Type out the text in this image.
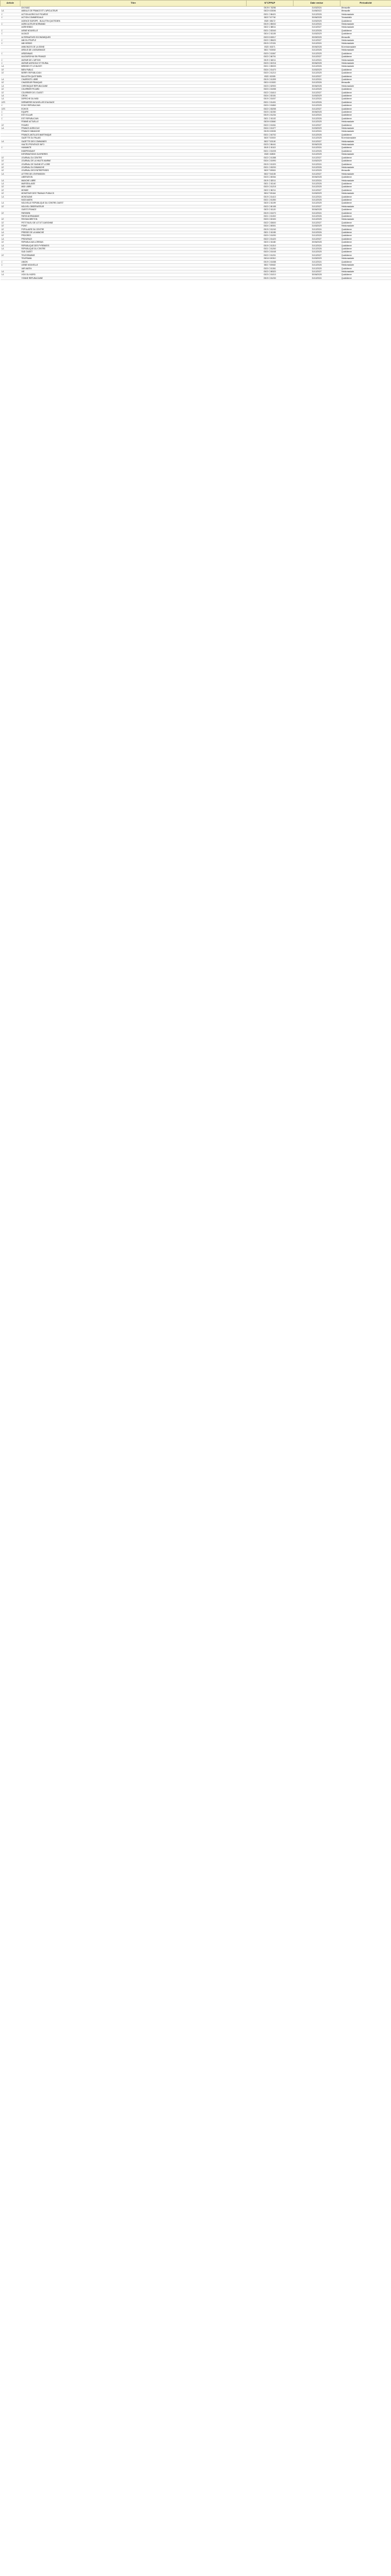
Article	Titre	N°CPPAP	Date emise	Périodicité
	4X4 MAG	0519 K 78256	31/03/2024	Mensuelle
LA	ABEILLE DE FRANCE ET L'APICULTEUR	0522 K 83006	31/05/2022	Mensuelle
L'	ACTION AGRICOLE PICARDE	0521 C 86421	31/12/2026	Hebdomadaire
L'	ACTION COMMERCIALE	0523 T 87740	30/06/2028	Trimestrielle
	AGENCE EUROPE - BULLETIN QUOTIDIEN	0520 I 88172	31/03/2025	Quotidienne
L'	AGRICULTEUR NORMAND	0519 C 85002	31/12/2024	Hebdomadaire
	AGRIHEBDO	0522 C 88011	31/10/2027	Hebdomadaire
L'	AISNE NOUVELLE	0521 C 83340	31/12/2026	Quotidienne
L'	ALSACE	0524 C 81105	31/03/2029	Quotidienne
	ALTERNATIVES ECONOMIQUES	0520 D 83017	30/09/2025	Mensuelle
L'	AMI DU PEUPLE	0522 C 85620	31/12/2027	Hebdomadaire
L'	AMI HEBDO	0519 C 87431	31/12/2024	Hebdomadaire
	ANNONCES DE LA SEINE	0523 I 80271	30/06/2028	Bi-hebdomadaire
	ARGUS DE L'ASSURANCE	0521 T 83002	31/12/2026	Hebdomadaire
L'	ARDENNAIS	0520 C 81567	31/12/2025	Quotidienne
	AUJOURD'HUI EN FRANCE	0522 C 86701	31/12/2027	Quotidienne
L'	AVENIR DE L'ARTOIS	0519 C 84011	31/12/2024	Hebdomadaire
L'	AVENIR AGRICOLE ET RURAL	0523 C 82216	30/06/2028	Hebdomadaire
LA	BRESSE ET LE BUGEY	0521 C 85003	31/12/2026	Hebdomadaire
LE	BIEN PUBLIC	0524 C 81470	31/03/2029	Quotidienne
LE	BERRY REPUBLICAIN	0520 C 81210	31/12/2025	Quotidienne
	BULLETIN QUOTIDIEN	0522 I 82155	31/12/2027	Quotidienne
LA	CHARENTE LIBRE	0519 C 81399	31/12/2024	Quotidienne
LE	CHASSEUR FRANÇAIS	0521 K 81520	31/12/2026	Mensuelle
LA	CHRONIQUE REPUBLICAINE	0523 C 82900	30/06/2028	Hebdomadaire
LE	COURRIER PICARD	0520 C 81055	31/12/2025	Quotidienne
LE	COURRIER DE L'OUEST	0522 C 81610	31/12/2027	Quotidienne
LA	CROIX	0524 C 83151	31/03/2029	Quotidienne
LA	DEPECHE DU MIDI	0519 C 81007	31/12/2024	Quotidienne
LES	DERNIERES NOUVELLES D'ALSACE	0521 C 81401	31/12/2026	Quotidienne
L'	ECHO REPUBLICAIN	0520 C 81860	31/12/2025	Quotidienne
LES	ECHOS	0522 C 83255	31/12/2027	Quotidienne
L'	EQUIPE	0523 C 82280	30/06/2028	Quotidienne
L'	EST ECLAIR	0519 C 81234	31/12/2024	Quotidienne
L'	EST REPUBLICAIN	0521 C 81102	31/12/2026	Quotidienne
	FEMME ACTUELLE	0520 K 83660	31/12/2025	Hebdomadaire
LE	FIGARO	0522 C 81061	31/12/2027	Quotidienne
LA	FRANCE AGRICOLE	0524 C 81377	31/03/2029	Hebdomadaire
	FRANCE DIMANCHE	0519 K 83005	31/12/2024	Hebdomadaire
	FRANCE-ANTILLES MARTINIQUE	0521 C 84702	31/12/2026	Quotidienne
	GAZETTE DU PALAIS	0520 T 83019	31/12/2025	Bi-hebdomadaire
LA	GAZETTE DES COMMUNES	0522 T 83100	31/12/2027	Hebdomadaire
	HAUTE-PROVENCE INFO	0523 C 86441	30/06/2028	Hebdomadaire
L'	HUMANITE	0519 C 81113	31/12/2024	Quotidienne
	INDEPENDANT	0521 C 81005	31/12/2026	Quotidienne
	INFORMATIONS OUVRIERES	0520 I 82830	31/12/2025	Hebdomadaire
LE	JOURNAL DU CENTRE	0522 C 81388	31/12/2027	Quotidienne
LE	JOURNAL DE LA HAUTE-MARNE	0524 C 81990	31/03/2029	Quotidienne
LE	JOURNAL DE SAONE-ET-LOIRE	0519 C 81320	31/12/2024	Quotidienne
LE	JOURNAL DU DIMANCHE	0521 C 83200	31/12/2026	Hebdomadaire
LE	JOURNAL DES ENTREPRISES	0520 T 85515	31/12/2025	Mensuelle
LA	LETTRE DE L'EXPANSION	0522 T 84105	31/12/2027	Hebdomadaire
	LIBERATION	0523 C 80064	30/06/2028	Quotidienne
LA	MANCHE LIBRE	0519 C 82011	31/12/2024	Hebdomadaire
LA	MARSEILLAISE	0521 C 81140	31/12/2026	Quotidienne
LE	MIDI LIBRE	0520 C 81215	31/12/2025	Quotidienne
LE	MONDE	0522 C 80211	31/12/2027	Quotidienne
LE	MONITEUR DES TRAVAUX PUBLICS	0524 T 80444	31/03/2029	Hebdomadaire
LA	MONTAGNE	0519 C 81410	31/12/2024	Quotidienne
	NICE-MATIN	0521 C 81350	31/12/2026	Quotidienne
LA	NOUVELLE REPUBLIQUE DU CENTRE-OUEST	0520 C 81199	31/12/2025	Quotidienne
LE	NOUVEL OBSERVATEUR	0522 C 80155	31/12/2027	Hebdomadaire
	OUEST-FRANCE	0523 C 81120	30/06/2028	Quotidienne
LE	PARISIEN	0519 C 81070	31/12/2024	Quotidienne
	PARIS-NORMANDIE	0521 C 81302	31/12/2026	Quotidienne
LE	PAYSAN BRETON	0520 C 82400	31/12/2025	Hebdomadaire
LE	PETIT BLEU DE LOT-ET-GARONNE	0522 C 83600	31/12/2027	Quotidienne
LE	POINT	0524 C 80501	31/03/2029	Hebdomadaire
LE	POPULAIRE DU CENTRE	0519 C 81240	31/12/2024	Quotidienne
LA	PRESSE DE LA MANCHE	0521 C 81155	31/12/2026	Quotidienne
LE	PROGRES	0520 C 81090	31/12/2025	Quotidienne
LA	PROVENCE	0522 C 81420	31/12/2027	Quotidienne
LE	REPUBLICAIN LORRAIN	0523 C 81180	30/06/2028	Quotidienne
LA	REPUBLIQUE DES PYRENEES	0519 C 81310	31/12/2024	Quotidienne
LA	REPUBLIQUE DU CENTRE	0521 C 81260	31/12/2026	Quotidienne
	SUD OUEST	0520 C 81045	31/12/2025	Quotidienne
LE	TELEGRAMME	0522 C 81201	31/12/2027	Quotidienne
	TELERAMA	0524 K 80310	31/03/2029	Hebdomadaire
L'	UNION	0519 C 81088	31/12/2024	Quotidienne
L'	USINE NOUVELLE	0521 T 80602	31/12/2026	Hebdomadaire
	VAR-MATIN	0520 C 81361	31/12/2025	Quotidienne
LA	VIE	0522 C 80520	31/12/2027	Hebdomadaire
LA	VOIX DU NORD	0523 C 81010	30/06/2028	Quotidienne
	YONNE REPUBLICAINE	0519 C 81230	31/12/2024	Quotidienne
